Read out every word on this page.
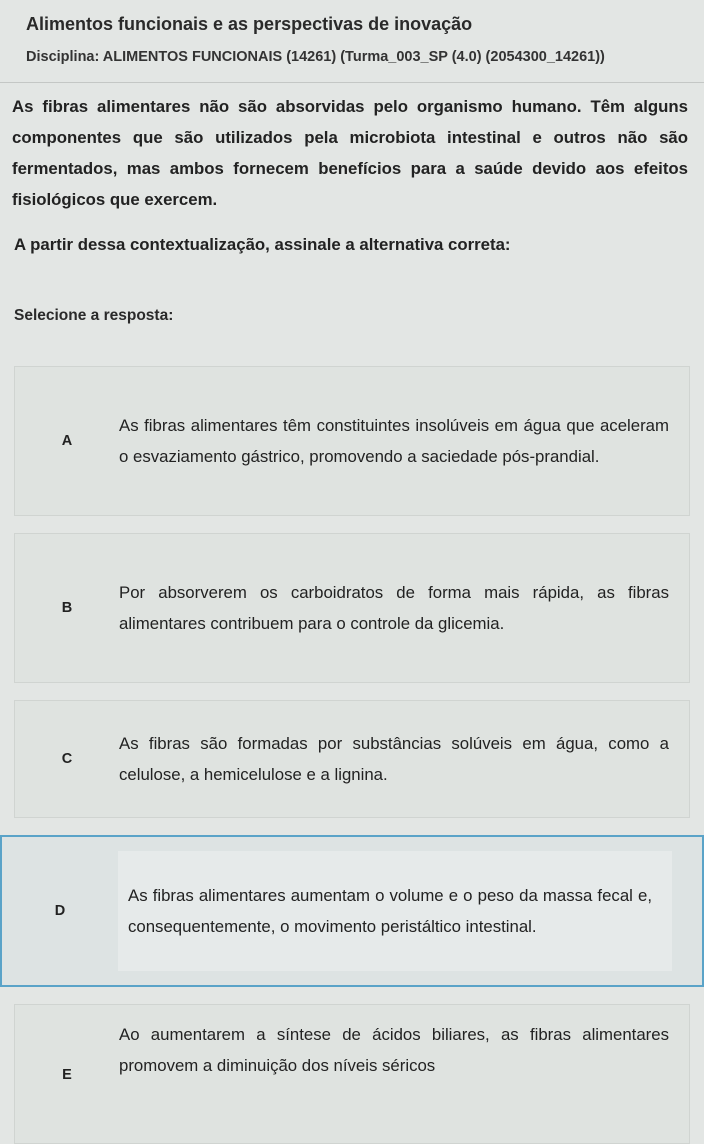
Alimentos funcionais e as perspectivas de inovação
Disciplina: ALIMENTOS FUNCIONAIS (14261) (Turma_003_SP (4.0) (2054300_14261))
As fibras alimentares não são absorvidas pelo organismo humano. Têm alguns componentes que são utilizados pela microbiota intestinal e outros não são fermentados, mas ambos fornecem benefícios para a saúde devido aos efeitos fisiológicos que exercem.
A partir dessa contextualização, assinale a alternativa correta:
Selecione a resposta:
A
As fibras alimentares têm constituintes insolúveis em água que aceleram o esvaziamento gástrico, promovendo a saciedade pós-prandial.
B
Por absorverem os carboidratos de forma mais rápida, as fibras alimentares contribuem para o controle da glicemia.
C
As fibras são formadas por substâncias solúveis em água, como a celulose, a hemicelulose e a lignina.
D
As fibras alimentares aumentam o volume e o peso da massa fecal e, consequentemente, o movimento peristáltico intestinal.
E
Ao aumentarem a síntese de ácidos biliares, as fibras alimentares promovem a diminuição dos níveis séricos
